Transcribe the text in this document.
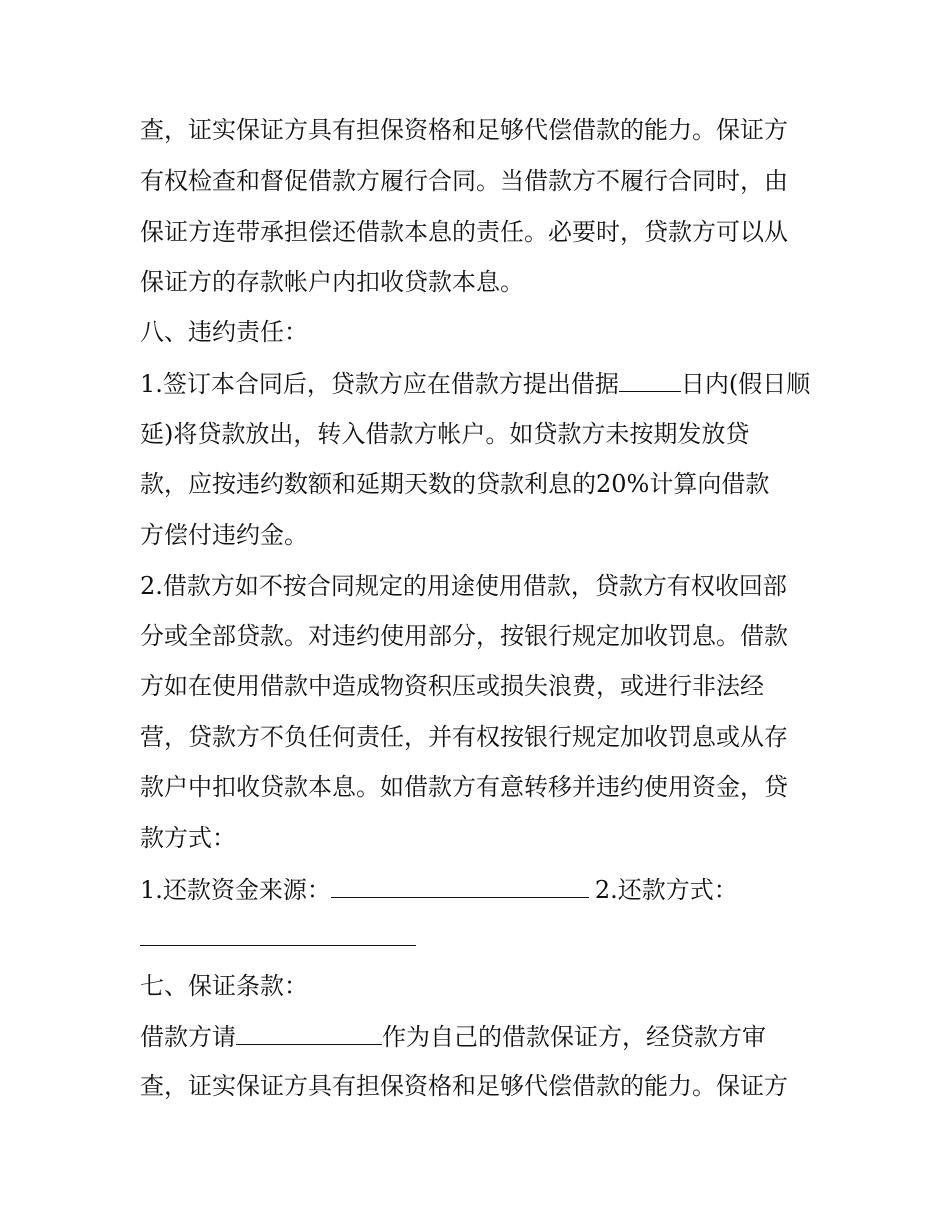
查，证实保证方具有担保资格和足够代偿借款的能力。保证方
有权检查和督促借款方履行合同。当借款方不履行合同时，由
保证方连带承担偿还借款本息的责任。必要时，贷款方可以从
保证方的存款帐户内扣收贷款本息。
八、违约责任：
1.签订本合同后，贷款方应在借款方提出借据	日内(假日顺
延)将贷款放出，转入借款方帐户。如贷款方未按期发放贷
款，应按违约数额和延期天数的贷款利息的20%计算向借款
方偿付违约金。
2.借款方如不按合同规定的用途使用借款，贷款方有权收回部
分或全部贷款。对违约使用部分，按银行规定加收罚息。借款
方如在使用借款中造成物资积压或损失浪费，或进行非法经
营，贷款方不负任何责任，并有权按银行规定加收罚息或从存
款户中扣收贷款本息。如借款方有意转移并违约使用资金，贷
款方式：
1.还款资金来源：	2.还款方式：
七、保证条款：
借款方请	作为自己的借款保证方，经贷款方审
查，证实保证方具有担保资格和足够代偿借款的能力。保证方
